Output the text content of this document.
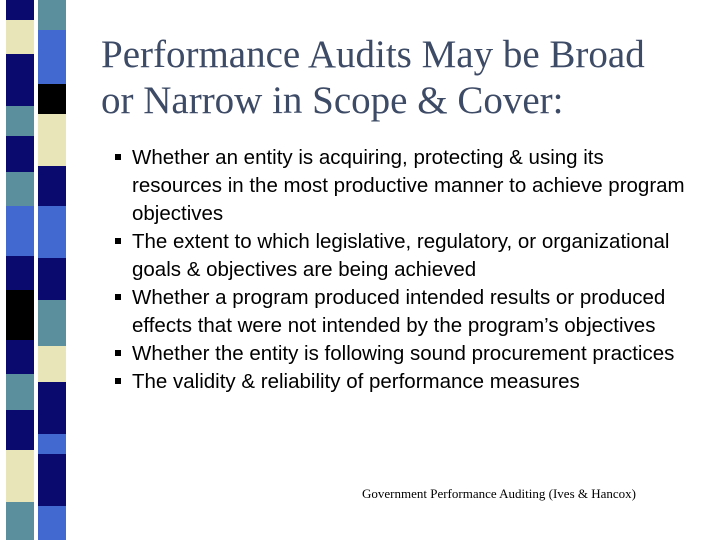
Performance Audits May be Broad
or Narrow in Scope & Cover:
Whether an entity is acquiring, protecting & using its resources in the most productive manner to achieve program objectives
The extent to which legislative, regulatory, or organizational goals & objectives are being achieved
Whether a program produced intended results or produced effects that were not intended by the program’s objectives
Whether the entity is following sound procurement practices
The validity & reliability of performance measures
Government Performance Auditing (Ives & Hancox)
